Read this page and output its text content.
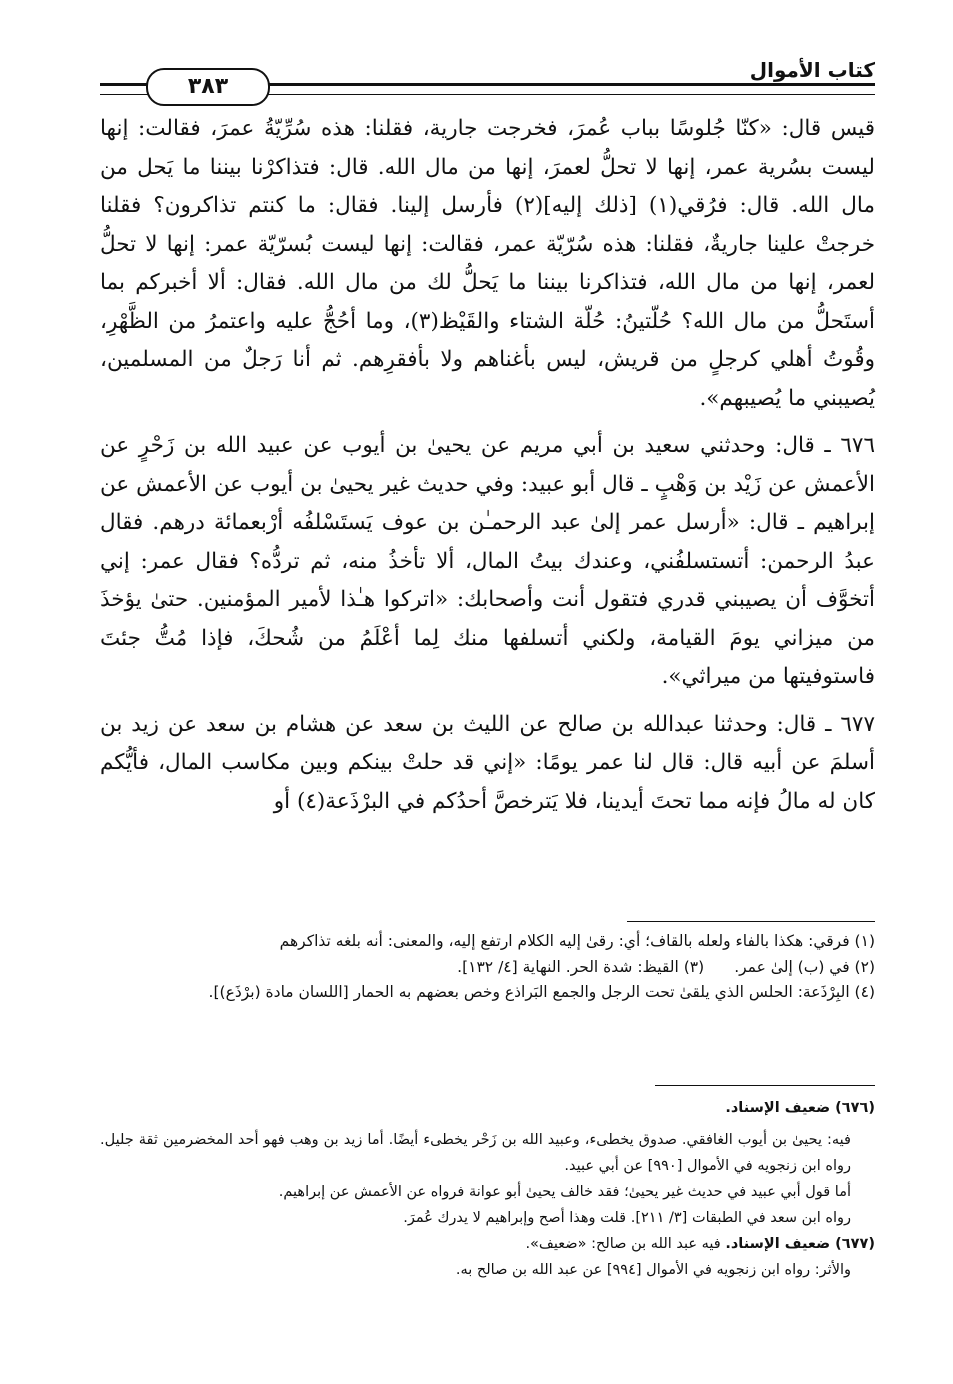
كتاب الأموال
٣٨٣

قيس قال: «كنّا جُلوسًا بباب عُمرَ، فخرجت جارية، فقلنا: هذه سُرِّيّةُ عمرَ، فقالت: إنها ليست بسُرية عمر، إنها لا تحلُّ لعمرَ، إنها من مال الله. قال: فتذاكرْنا بيننا ما يَحل من مال الله. قال: فرُقي(١) [ذلك إليه](٢) فأرسل إلينا. فقال: ما كنتم تذاكرون؟ فقلنا خرجتْ علينا جاريةٌ، فقلنا: هذه سُرّيّة عمر، فقالت: إنها ليست بُسرّيّة عمر: إنها لا تحلُّ لعمر، إنها من مال الله، فتذاكرنا بيننا ما يَحلُّ لك من مال الله. فقال: ألا أخبركم بما أستَحلُّ من مال الله؟ حُلّتينُ: حُلّة الشتاء والقَيْظ(٣)، وما أحُجُّ عليه واعتمرُ من الظَّهْرِ، وقُوتُ أهلي كرجلٍ من قريش، ليس بأغناهم ولا بأفقرِهم. ثم أنا رَجلٌ من المسلمين، يُصيبني ما يُصيبهم».

٦٧٦ ـ قال: وحدثني سعيد بن أبي مريم عن يحيىٰ بن أيوب عن عبيد الله بن زَحْرٍ عن الأعمش عن زَيْد بن وَهْبٍ ـ قال أبو عبيد: وفي حديث غير يحيىٰ بن أيوب عن الأعمش عن إبراهيم ـ قال: «أرسل عمر إلىٰ عبد الرحمـٰن بن عوف يَستَسْلفُه أرْبعمائة درهم. فقال عبدُ الرحمن: أتستسلفُني، وعندك بيتُ المال، ألا تأخذُ منه، ثم تردُّه؟ فقال عمر: إني أتخوَّف أن يصيبني قدري فتقول أنت وأصحابك: «اتركوا هـٰذا لأمير المؤمنين. حتىٰ يؤخذَ من ميزاني يومَ القيامة، ولكني أتسلفها منك لِما أعْلَمُ من شُحكَ، فإذا مُتُّ جئتَ فاستوفيتها من ميراثي».

٦٧٧ ـ قال: وحدثنا عبدالله بن صالح عن الليث بن سعد عن هشام بن سعد عن زيد بن أسلمَ عن أبيه قال: قال لنا عمر يومًا: «إني قد حلتْ بينكم وبين مكاسب المال، فأيُّكم كان له مالُ فإنه مما تحتَ أيدينا، فلا يَترخصَّ أحدُكم في البرْذَعة(٤) أو

(١) فرقي: هكذا بالفاء ولعله بالقاف؛ أي: رقىٰ إليه الكلام ارتفع إليه، والمعنى: أنه بلغه تذاكرهم

(٢) في (ب) إلىٰ عمر.

(٣) القيظ: شدة الحر. النهاية [٤/ ١٣٢].

(٤) البِرْذَعة: الحلس الذي يلقىٰ تحت الرجل والجمع البَراذع وخص بعضهم به الحمار [اللسان مادة (برْذَع)].

(٦٧٦) ضعيف الإسناد.

فيه: يحيىٰ بن أيوب الغافقي. صدوق يخطىء، وعبيد الله بن زَحْر يخطىء أيضًا. أما زيد بن وهب فهو أحد المخضرمين ثقة جليل. رواه ابن زنجويه في الأموال [٩٩٠] عن أبي عبيد.

أما قول أبي عبيد في حديث غير يحيىٰ؛ فقد خالف يحيىٰ أبو عوانة فرواه عن الأعمش عن إبراهيم.

رواه ابن سعد في الطبقات [٣/ ٢١١]. قلت وهذا أصح وإبراهيم لا يدرك عُمرَ.

(٦٧٧) ضعيف الإسناد. فيه عبد الله بن صالح: «ضعيف».

والأثر: رواه ابن زنجويه في الأموال [٩٩٤] عن عبد الله بن صالح به.
